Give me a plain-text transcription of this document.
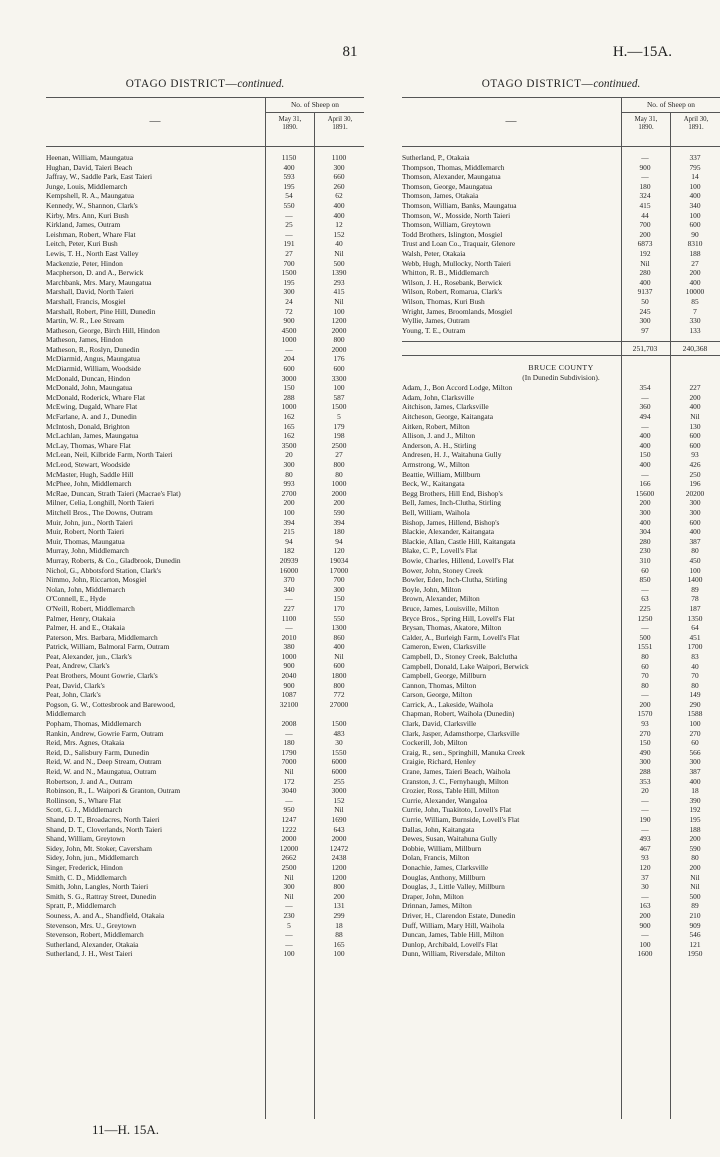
81	H.—15A.
OTAGO DISTRICT—continued.
—
No. of Sheep on
May 31,
1890.
April 30,
1891.
Heenan, William, Maungatua	1150	1100
Hughan, David, Taieri Beach	400	300
Jaffray, W., Saddle Park, East Taieri	593	660
Junge, Louis, Middlemarch	195	260
Kempshell, R. A., Maungatua	54	62
Kennedy, W., Shannon, Clark's	550	400
Kirby, Mrs. Ann, Kuri Bush	—	400
Kirkland, James, Outram	25	12
Leishman, Robert, Whare Flat	—	152
Leitch, Peter, Kuri Bush	191	40
Lewis, T. H., North East Valley	27	Nil
Mackenzie, Peter, Hindon	700	500
Macpherson, D. and A., Berwick	1500	1390
Marchbank, Mrs. Mary, Maungatua	195	293
Marshall, David, North Taieri	300	415
Marshall, Francis, Mosgiel	24	Nil
Marshall, Robert, Pine Hill, Dunedin	72	100
Martin, W. R., Lee Stream	900	1200
Matheson, George, Birch Hill, Hindon	4500	2000
Matheson, James, Hindon	1000	800
Matheson, R., Roslyn, Dunedin	—	2000
McDiarmid, Angus, Maungatua	204	176
McDiarmid, William, Woodside	600	600
McDonald, Duncan, Hindon	3000	3300
McDonald, John, Maungatua	150	100
McDonald, Roderick, Whare Flat	288	587
McEwing, Dugald, Whare Flat	1000	1500
McFarlane, A. and J., Dunedin	162	5
McIntosh, Donald, Brighton	165	179
McLachlan, James, Maungatua	162	198
McLay, Thomas, Whare Flat	3500	2500
McLean, Neil, Kilbride Farm, North Taieri	20	27
McLeod, Stewart, Woodside	300	800
McMaster, Hugh, Saddle Hill	80	80
McPhee, John, Middlemarch	993	1000
McRae, Duncan, Strath Taieri (Macrae's Flat)	2700	2000
Milner, Celia, Longhill, North Taieri	200	200
Mitchell Bros., The Downs, Outram	100	590
Muir, John, jun., North Taieri	394	394
Muir, Robert, North Taieri	215	180
Muir, Thomas, Maungatua	94	94
Murray, John, Middlemarch	182	120
Murray, Roberts, & Co., Gladbrook, Dunedin	20939	19034
Nichol, G., Abbotsford Station, Clark's	16000	17000
Nimmo, John, Riccarton, Mosgiel	370	700
Nolan, John, Middlemarch	340	300
O'Connell, E., Hyde	—	150
O'Neill, Robert, Middlemarch	227	170
Palmer, Henry, Otakaia	1100	550
Palmer, H. and E., Otakaia	—	1300
Paterson, Mrs. Barbara, Middlemarch	2010	860
Patrick, William, Balmoral Farm, Outram	380	400
Peat, Alexander, jun., Clark's	1000	Nil
Peat, Andrew, Clark's	900	600
Peat Brothers, Mount Gowrie, Clark's	2040	1800
Peat, David, Clark's	900	800
Peat, John, Clark's	1087	772
Pogson, G. W., Cottesbrook and Barewood,	32100	27000
Middlemarch
Popham, Thomas, Middlemarch	2008	1500
Rankin, Andrew, Gowrie Farm, Outram	—	483
Reid, Mrs. Agnes, Otakaia	180	30
Reid, D., Salisbury Farm, Dunedin	1790	1550
Reid, W. and N., Deep Stream, Outram	7000	6000
Reid, W. and N., Maungatua, Outram	Nil	6000
Robertson, J. and A., Outram	172	255
Robinson, R., L. Waipori & Granton, Outram	3040	3000
Rollinson, S., Whare Flat	—	152
Scott, G. J., Middlemarch	950	Nil
Shand, D. T., Broadacres, North Taieri	1247	1690
Shand, D. T., Cloverlands, North Taieri	1222	643
Shand, William, Greytown	2000	2000
Sidey, John, Mt. Stoker, Caversham	12000	12472
Sidey, John, jun., Middlemarch	2662	2438
Singer, Frederick, Hindon	2500	1200
Smith, C. D., Middlemarch	Nil	1200
Smith, John, Langles, North Taieri	300	800
Smith, S. G., Rattray Street, Dunedin	Nil	200
Spratt, P., Middlemarch	—	131
Souness, A. and A., Shandfield, Otakaia	230	299
Stevenson, Mrs. U., Greytown	5	18
Stevenson, Robert, Middlemarch	—	88
Sutherland, Alexander, Otakaia	—	165
Sutherland, J. H., West Taieri	100	100
OTAGO DISTRICT—continued.
—
No. of Sheep on
May 31,
1890.
April 30,
1891.
Sutherland, P., Otakaia	—	337
Thompson, Thomas, Middlemarch	900	795
Thomson, Alexander, Maungatua	—	14
Thomson, George, Maungatua	180	100
Thomson, James, Otakaia	324	400
Thomson, William, Banks, Maungatua	415	340
Thomson, W., Mosside, North Taieri	44	100
Thomson, William, Greytown	700	600
Todd Brothers, Islington, Mosgiel	200	90
Trust and Loan Co., Traquair, Glenore	6873	8310
Walsh, Peter, Otakaia	192	188
Webb, Hugh, Mullocky, North Taieri	Nil	27
Whitton, R. B., Middlemarch	280	200
Wilson, J. H., Rosebank, Berwick	400	400
Wilson, Robert, Romarua, Clark's	9137	10000
Wilson, Thomas, Kuri Bush	50	85
Wright, James, Broomlands, Mosgiel	245	7
Wyllie, James, Outram	300	330
Young, T. E., Outram	97	133
251,703	240,368
BRUCE COUNTY
(In Dunedin Subdivision).
Adam, J., Bon Accord Lodge, Milton	354	227
Adam, John, Clarksville	—	200
Aitchison, James, Clarksville	360	400
Aitcheson, George, Kaitangata	494	Nil
Aitken, Robert, Milton	—	130
Allison, J. and J., Milton	400	600
Anderson, A. H., Stirling	400	600
Andresen, H. J., Waitahuna Gully	150	93
Armstrong, W., Milton	400	426
Beattie, William, Millburn	—	250
Beck, W., Kaitangata	166	196
Begg Brothers, Hill End, Bishop's	15600	20200
Bell, James, Inch-Clutha, Stirling	200	300
Bell, William, Waihola	300	300
Bishop, James, Hillend, Bishop's	400	600
Blackie, Alexander, Kaitangata	304	400
Blackie, Allan, Castle Hill, Kaitangata	280	387
Blake, C. P., Lovell's Flat	230	80
Bowie, Charles, Hillend, Lovell's Flat	310	450
Bower, John, Stoney Creek	60	100
Bowler, Eden, Inch-Clutha, Stirling	850	1400
Boyle, John, Milton	—	89
Brown, Alexander, Milton	63	78
Bruce, James, Louisville, Milton	225	187
Bryce Bros., Spring Hill, Lovell's Flat	1250	1350
Brysan, Thomas, Akatore, Milton	—	64
Calder, A., Burleigh Farm, Lovell's Flat	500	451
Cameron, Ewen, Clarksville	1551	1700
Campbell, D., Stoney Creek, Balclutha	80	83
Campbell, Donald, Lake Waipori, Berwick	60	40
Campbell, George, Millburn	70	70
Cannon, Thomas, Milton	80	80
Carson, George, Milton	—	149
Carrick, A., Lakeside, Waihola	200	290
Chapman, Robert, Waihola (Dunedin)	1570	1588
Clark, David, Clarksville	93	100
Clark, Jasper, Adamsthorpe, Clarksville	270	270
Cockerill, Job, Milton	150	60
Craig, R., sen., Springhill, Manuka Creek	490	566
Craigie, Richard, Henley	300	300
Crane, James, Taieri Beach, Waihola	288	387
Cranston, J. C., Fernyhaugh, Milton	353	400
Crozier, Ross, Table Hill, Milton	20	18
Currie, Alexander, Wangaloa	—	390
Currie, John, Tuakitoto, Lovell's Flat	—	192
Currie, William, Burnside, Lovell's Flat	190	195
Dallas, John, Kaitangata	—	188
Dewes, Susan, Waitahuna Gully	493	200
Dobbie, William, Millburn	467	590
Dolan, Francis, Milton	93	80
Donachie, James, Clarksville	120	200
Douglas, Anthony, Millburn	37	Nil
Douglas, J., Little Valley, Millburn	30	Nil
Draper, John, Milton	—	500
Drinnan, James, Milton	163	89
Driver, H., Clarendon Estate, Dunedin	200	210
Duff, William, Mary Hill, Waihola	900	909
Duncan, James, Table Hill, Milton	—	546
Dunlop, Archibald, Lovell's Flat	100	121
Dunn, William, Riversdale, Milton	1600	1950
11—H. 15A.
